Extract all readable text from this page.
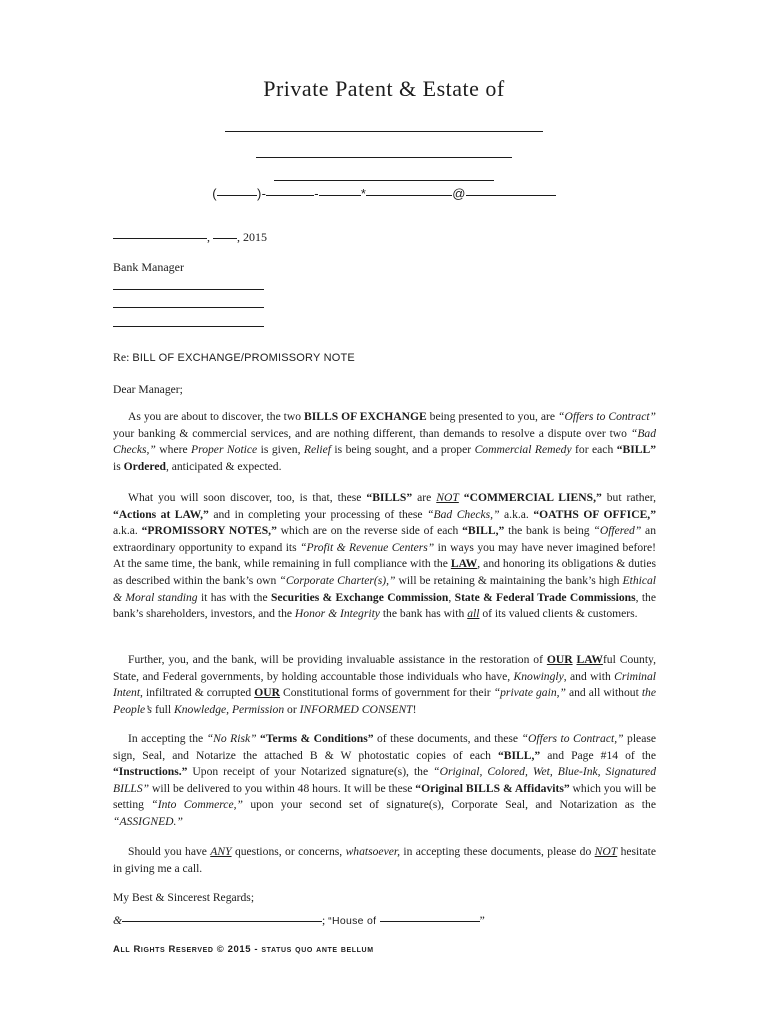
Private Patent & Estate of
(	)-	-	*	@
, , 2015
Bank Manager
Re: BILL OF EXCHANGE/PROMISSORY NOTE
Dear Manager;
As you are about to discover, the two BILLS OF EXCHANGE being presented to you, are “Offers to Contract” your banking & commercial services, and are nothing different, than demands to resolve a dispute over two “Bad Checks,” where Proper Notice is given, Relief is being sought, and a proper Commercial Remedy for each “BILL” is Ordered, anticipated & expected.
What you will soon discover, too, is that, these “BILLS” are NOT “COMMERCIAL LIENS,” but rather, “Actions at LAW,” and in completing your processing of these “Bad Checks,” a.k.a. “OATHS OF OFFICE,” a.k.a. “PROMISSORY NOTES,” which are on the reverse side of each “BILL,” the bank is being “Offered” an extraordinary opportunity to expand its “Profit & Revenue Centers” in ways you may have never imagined before! At the same time, the bank, while remaining in full compliance with the LAW, and honoring its obligations & duties as described within the bank’s own “Corporate Charter(s),” will be retaining & maintaining the bank’s high Ethical & Moral standing it has with the Securities & Exchange Commission, State & Federal Trade Commissions, the bank’s shareholders, investors, and the Honor & Integrity the bank has with all of its valued clients & customers.
Further, you, and the bank, will be providing invaluable assistance in the restoration of OUR LAWful County, State, and Federal governments, by holding accountable those individuals who have, Knowingly, and with Criminal Intent, infiltrated & corrupted OUR Constitutional forms of government for their “private gain,” and all without the People’s full Knowledge, Permission or INFORMED CONSENT!
In accepting the “No Risk” “Terms & Conditions” of these documents, and these “Offers to Contract,” please sign, Seal, and Notarize the attached B & W photostatic copies of each “BILL,” and Page #14 of the “Instructions.” Upon receipt of your Notarized signature(s), the “Original, Colored, Wet, Blue-Ink, Signatured BILLS” will be delivered to you within 48 hours. It will be these “Original BILLS & Affidavits” which you will be setting “Into Commerce,” upon your second set of signature(s), Corporate Seal, and Notarization as the “ASSIGNED.”
Should you have ANY questions, or concerns, whatsoever, in accepting these documents, please do NOT hesitate in giving me a call.
My Best & Sincerest Regards;
&	; “House of	”
All Rights Reserved © 2015 - status quo ante bellum
